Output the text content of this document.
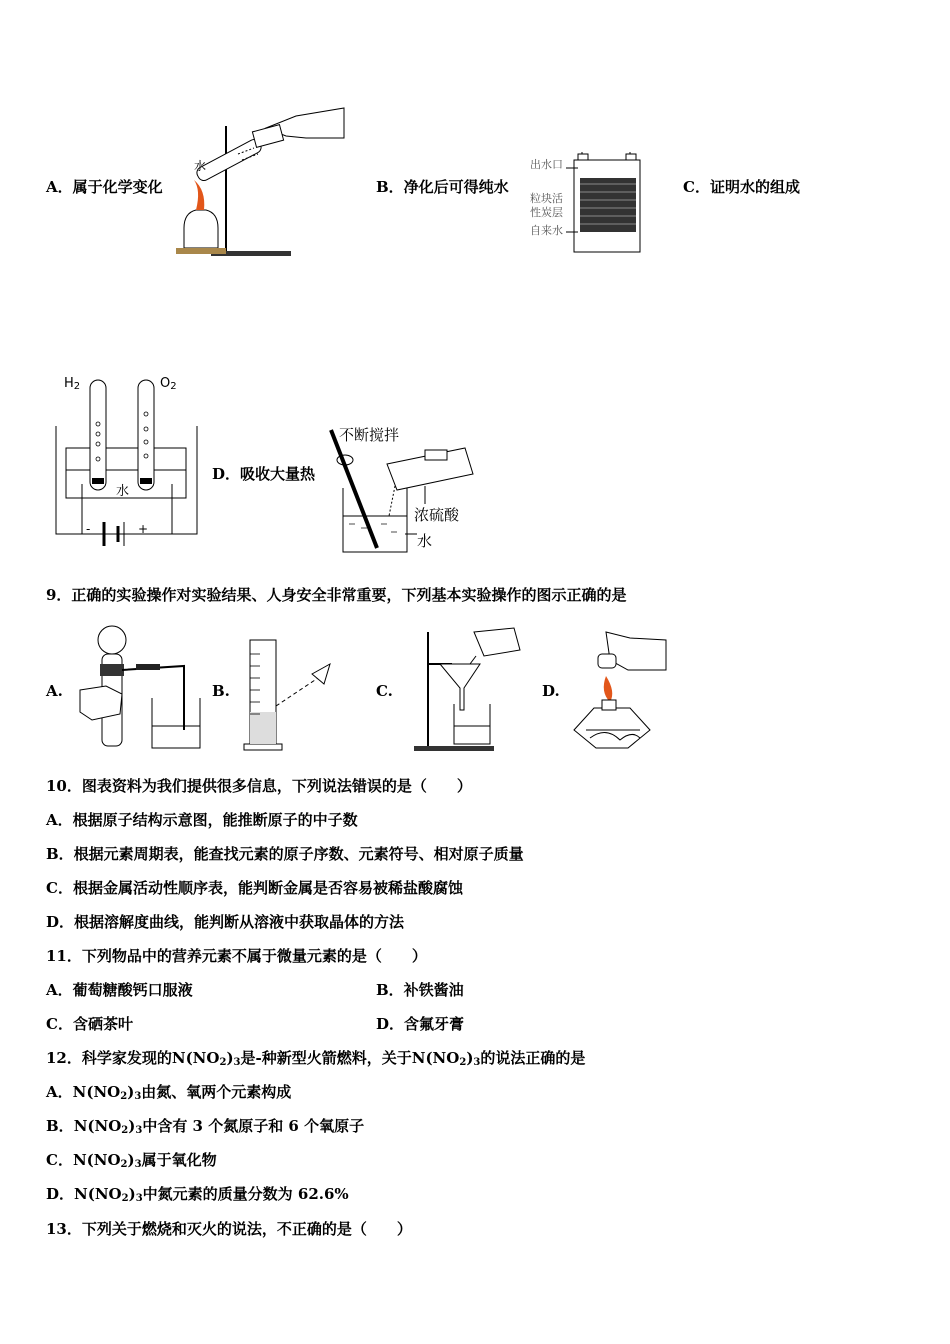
A．属于化学变化
水
B．净化后可得纯水
出水口
粒块活
性炭层
自来水
C．证明水的组成
$H_2$	$O_2$
水
-	+
D．吸收大量热
不断搅拌
浓硫酸
水
9．正确的实验操作对实验结果、人身安全非常重要，下列基本实验操作的图示正确的是
A.	B.	C.	D.
10．图表资料为我们提供很多信息，下列说法错误的是（　　）
A．根据原子结构示意图，能推断原子的中子数
B．根据元素周期表，能查找元素的原子序数、元素符号、相对原子质量
C．根据金属活动性顺序表，能判断金属是否容易被稀盐酸腐蚀
D．根据溶解度曲线，能判断从溶液中获取晶体的方法
11．下列物品中的营养元素不属于微量元素的是（　　）
A．葡萄糖酸钙口服液	B．补铁酱油
C．含硒茶叶	D．含氟牙膏
12．科学家发现的$N(NO_2)_3$是-种新型火箭燃料，关于$N(NO_2)_3$的说法正确的是
A．$N(NO_2)_3$由氮、氧两个元素构成
B．$N(NO_2)_3$中含有 3 个氮原子和 6 个氧原子
C．$N(NO_2)_3$属于氧化物
D．$N(NO_2)_3$中氮元素的质量分数为 62.6%
13．下列关于燃烧和灭火的说法，不正确的是（　　）
